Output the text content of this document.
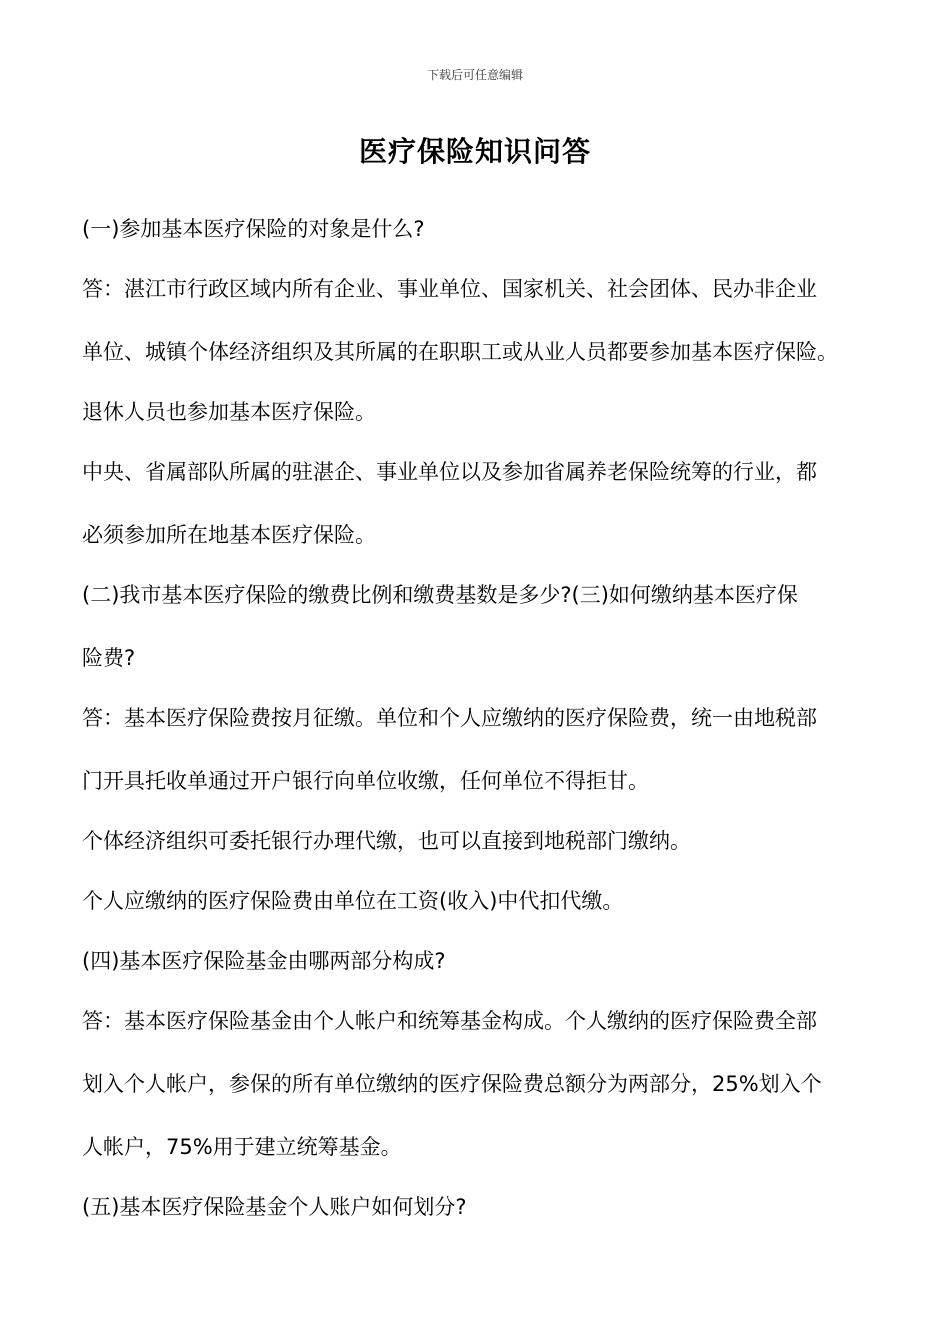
下载后可任意编辑
医疗保险知识问答
(一)参加基本医疗保险的对象是什么?
答：湛江市行政区域内所有企业、事业单位、国家机关、社会团体、民办非企业
单位、城镇个体经济组织及其所属的在职职工或从业人员都要参加基本医疗保险。
退休人员也参加基本医疗保险。
中央、省属部队所属的驻湛企、事业单位以及参加省属养老保险统筹的行业，都
必须参加所在地基本医疗保险。
(二)我市基本医疗保险的缴费比例和缴费基数是多少?(三)如何缴纳基本医疗保
险费?
答：基本医疗保险费按月征缴。单位和个人应缴纳的医疗保险费，统一由地税部
门开具托收单通过开户银行向单位收缴，任何单位不得拒甘。
个体经济组织可委托银行办理代缴，也可以直接到地税部门缴纳。
个人应缴纳的医疗保险费由单位在工资(收入)中代扣代缴。
(四)基本医疗保险基金由哪两部分构成?
答：基本医疗保险基金由个人帐户和统筹基金构成。个人缴纳的医疗保险费全部
划入个人帐户，参保的所有单位缴纳的医疗保险费总额分为两部分，25%划入个
人帐户，75%用于建立统筹基金。
(五)基本医疗保险基金个人账户如何划分?
